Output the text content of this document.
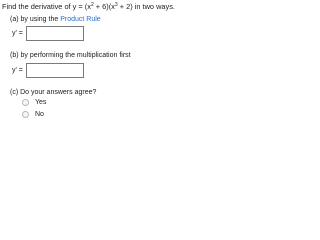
Find the derivative of $y = (x^2 + 6)(x^3 + 2)$ in two ways.
(a) by using the Product Rule
y' =
(b) by performing the multiplication first
y' =
(c) Do your answers agree?
Yes
No
